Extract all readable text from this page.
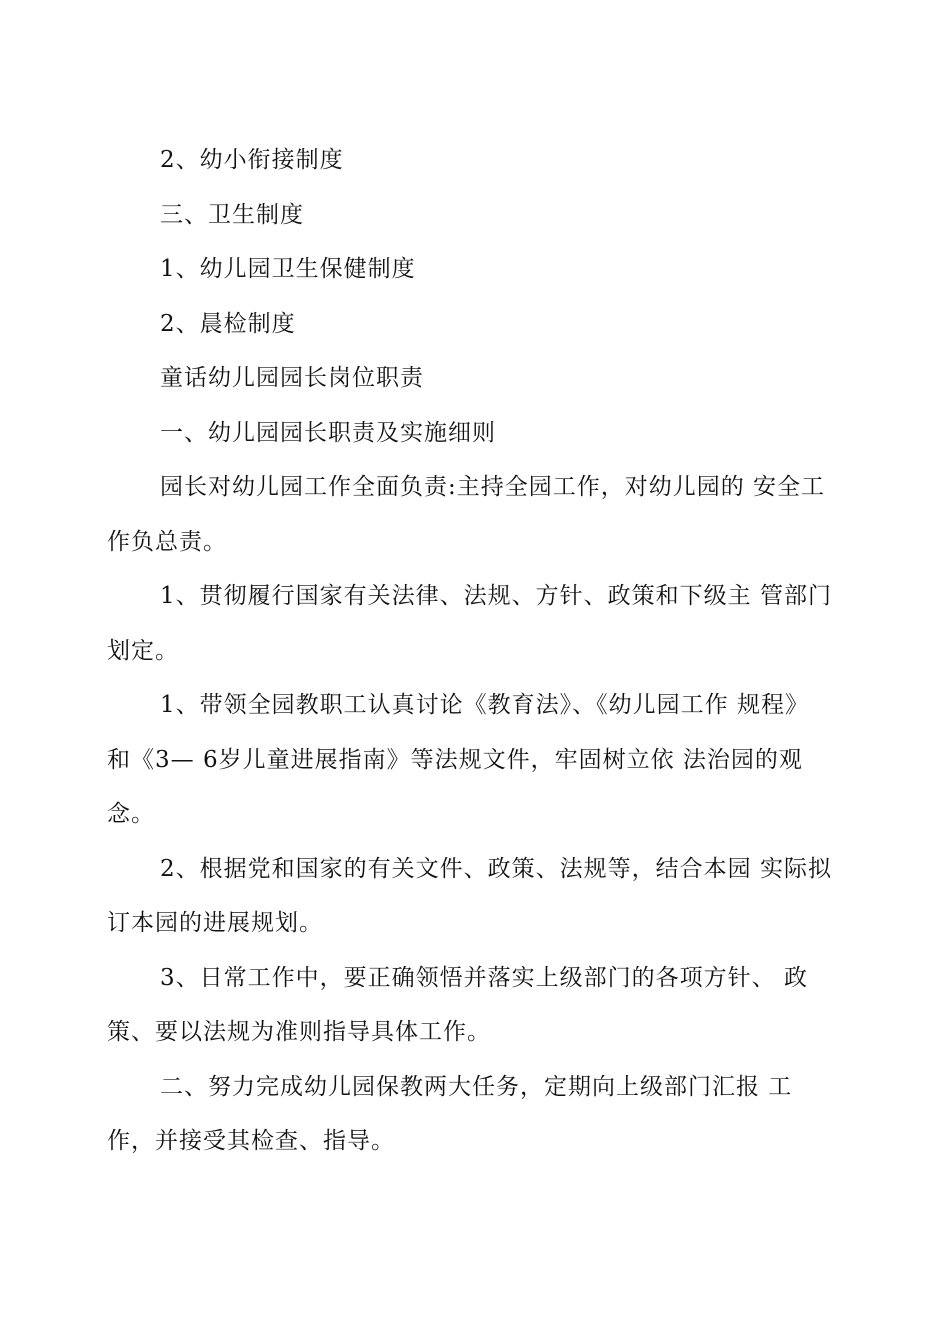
2、幼小衔接制度

三、卫生制度

1、幼儿园卫生保健制度

2、晨检制度

童话幼儿园园长岗位职责

一、幼儿园园长职责及实施细则

园长对幼儿园工作全面负责:主持全园工作，对幼儿园的 安全工

作负总责。

1、贯彻履行国家有关法律、法规、方针、政策和下级主 管部门

划定。

1、带领全园教职工认真讨论《教育法》、《幼儿园工作 规程》

和《3— 6岁儿童进展指南》等法规文件，牢固树立依 法治园的观

念。

2、根据党和国家的有关文件、政策、法规等，结合本园 实际拟

订本园的进展规划。

3、日常工作中，要正确领悟并落实上级部门的各项方针、 政

策、要以法规为准则指导具体工作。

二、努力完成幼儿园保教两大任务，定期向上级部门汇报 工

作，并接受其检查、指导。
